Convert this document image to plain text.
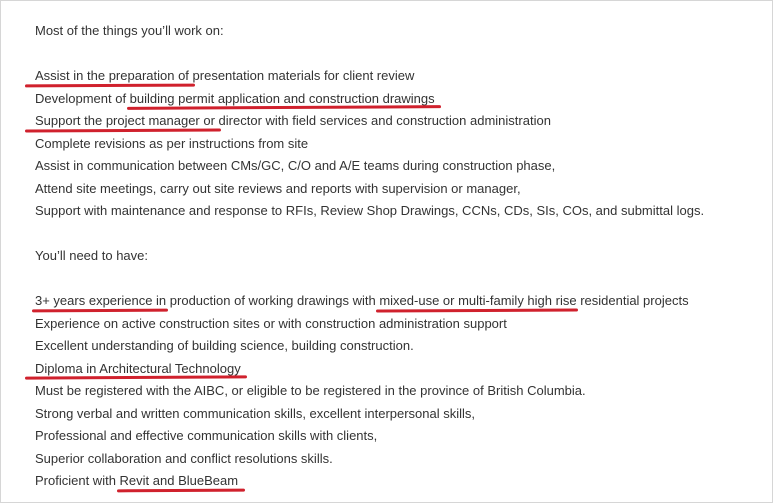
Most of the things you’ll work on:
Assist in the preparation of presentation materials for client review
Development of building permit application and construction drawings
Support the project manager or director with field services and construction administration
Complete revisions as per instructions from site
Assist in communication between CMs/GC, C/O and A/E teams during construction phase,
Attend site meetings, carry out site reviews and reports with supervision or manager,
Support with maintenance and response to RFIs, Review Shop Drawings, CCNs, CDs, SIs, COs, and submittal logs.
You’ll need to have:
3+ years experience in production of working drawings with mixed-use or multi-family high rise residential projects
Experience on active construction sites or with construction administration support
Excellent understanding of building science, building construction.
Diploma in Architectural Technology
Must be registered with the AIBC, or eligible to be registered in the province of British Columbia.
Strong verbal and written communication skills, excellent interpersonal skills,
Professional and effective communication skills with clients,
Superior collaboration and conflict resolutions skills.
Proficient with Revit and BlueBeam
